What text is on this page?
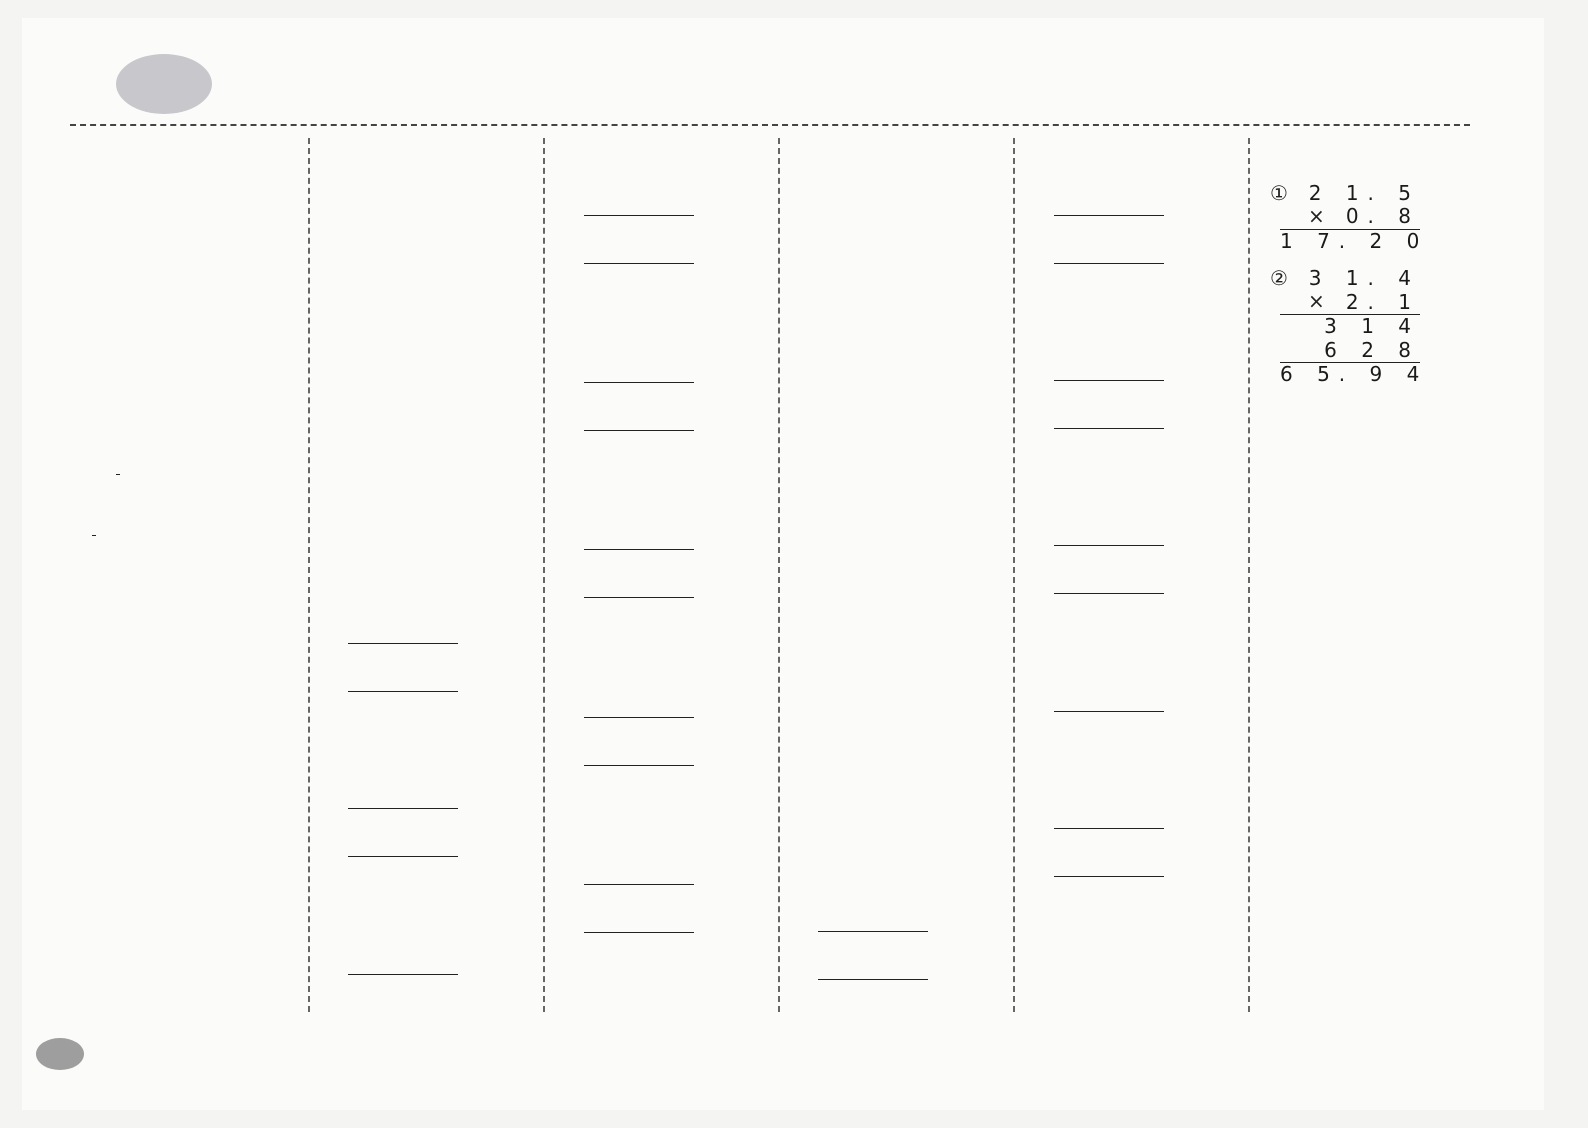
①
×
2 1. 5
0. 8
1 7. 2 0
②
×
3 1. 4
2. 1
3 1 4
6 2 8
6 5. 9 4
